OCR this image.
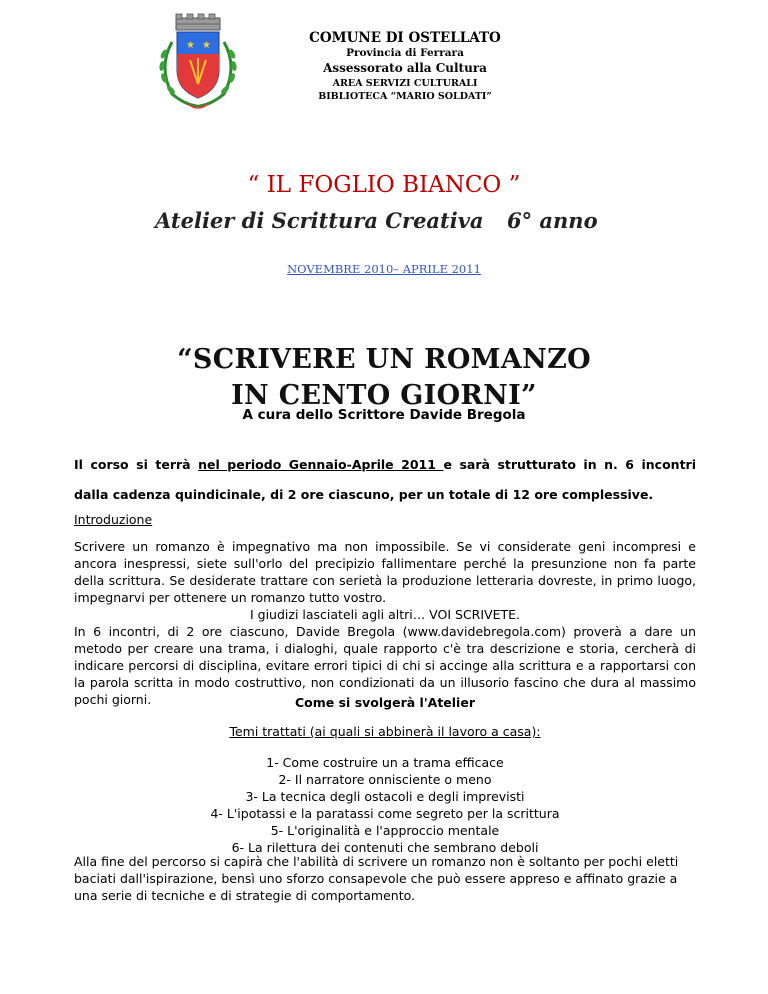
★ ★	COMUNE DI OSTELLATO
Provincia di Ferrara
Assessorato alla Cultura
AREA SERVIZI CULTURALI
BIBLIOTECA “MARIO SOLDATI”
“ IL FOGLIO BIANCO ”
Atelier di Scrittura Creativa 6° anno
NOVEMBRE 2010– APRILE 2011
“SCRIVERE UN ROMANZO
IN CENTO GIORNI”
A cura dello Scrittore Davide Bregola
Il corso si terrà nel periodo Gennaio-Aprile 2011 e sarà strutturato in n. 6 incontri
dalla cadenza quindicinale, di 2 ore ciascuno, per un totale di 12 ore complessive.
Introduzione

Scrivere un romanzo è impegnativo ma non impossibile. Se vi considerate geni incompresi e ancora inespressi, siete sull'orlo del precipizio fallimentare perché la presunzione non fa parte della scrittura. Se desiderate trattare con serietà la produzione letteraria dovreste, in primo luogo, impegnarvi per ottenere un romanzo tutto vostro.

I giudizi lasciateli agli altri… VOI SCRIVETE.

In 6 incontri, di 2 ore ciascuno, Davide Bregola (www.davidebregola.com) proverà a dare un metodo per creare una trama, i dialoghi, quale rapporto c'è tra descrizione e storia, cercherà di indicare percorsi di disciplina, evitare errori tipici di chi si accinge alla scrittura e a rapportarsi con la parola scritta in modo costruttivo, non condizionati da un illusorio fascino che dura al massimo pochi giorni.	Come si svolgerà l'Atelier
Temi trattati (ai quali si abbinerà il lavoro a casa):
1- Come costruire un a trama efficace
2- Il narratore onnisciente o meno
3- La tecnica degli ostacoli e degli imprevisti
4- L'ipotassi e la paratassi come segreto per la scrittura
5- L'originalità e l'approccio mentale
6- La rilettura dei contenuti che sembrano deboli
Alla fine del percorso si capirà che l'abilità di scrivere un romanzo non è soltanto per pochi eletti baciati dall'ispirazione, bensì uno sforzo consapevole che può essere appreso e affinato grazie a una serie di tecniche e di strategie di comportamento.
